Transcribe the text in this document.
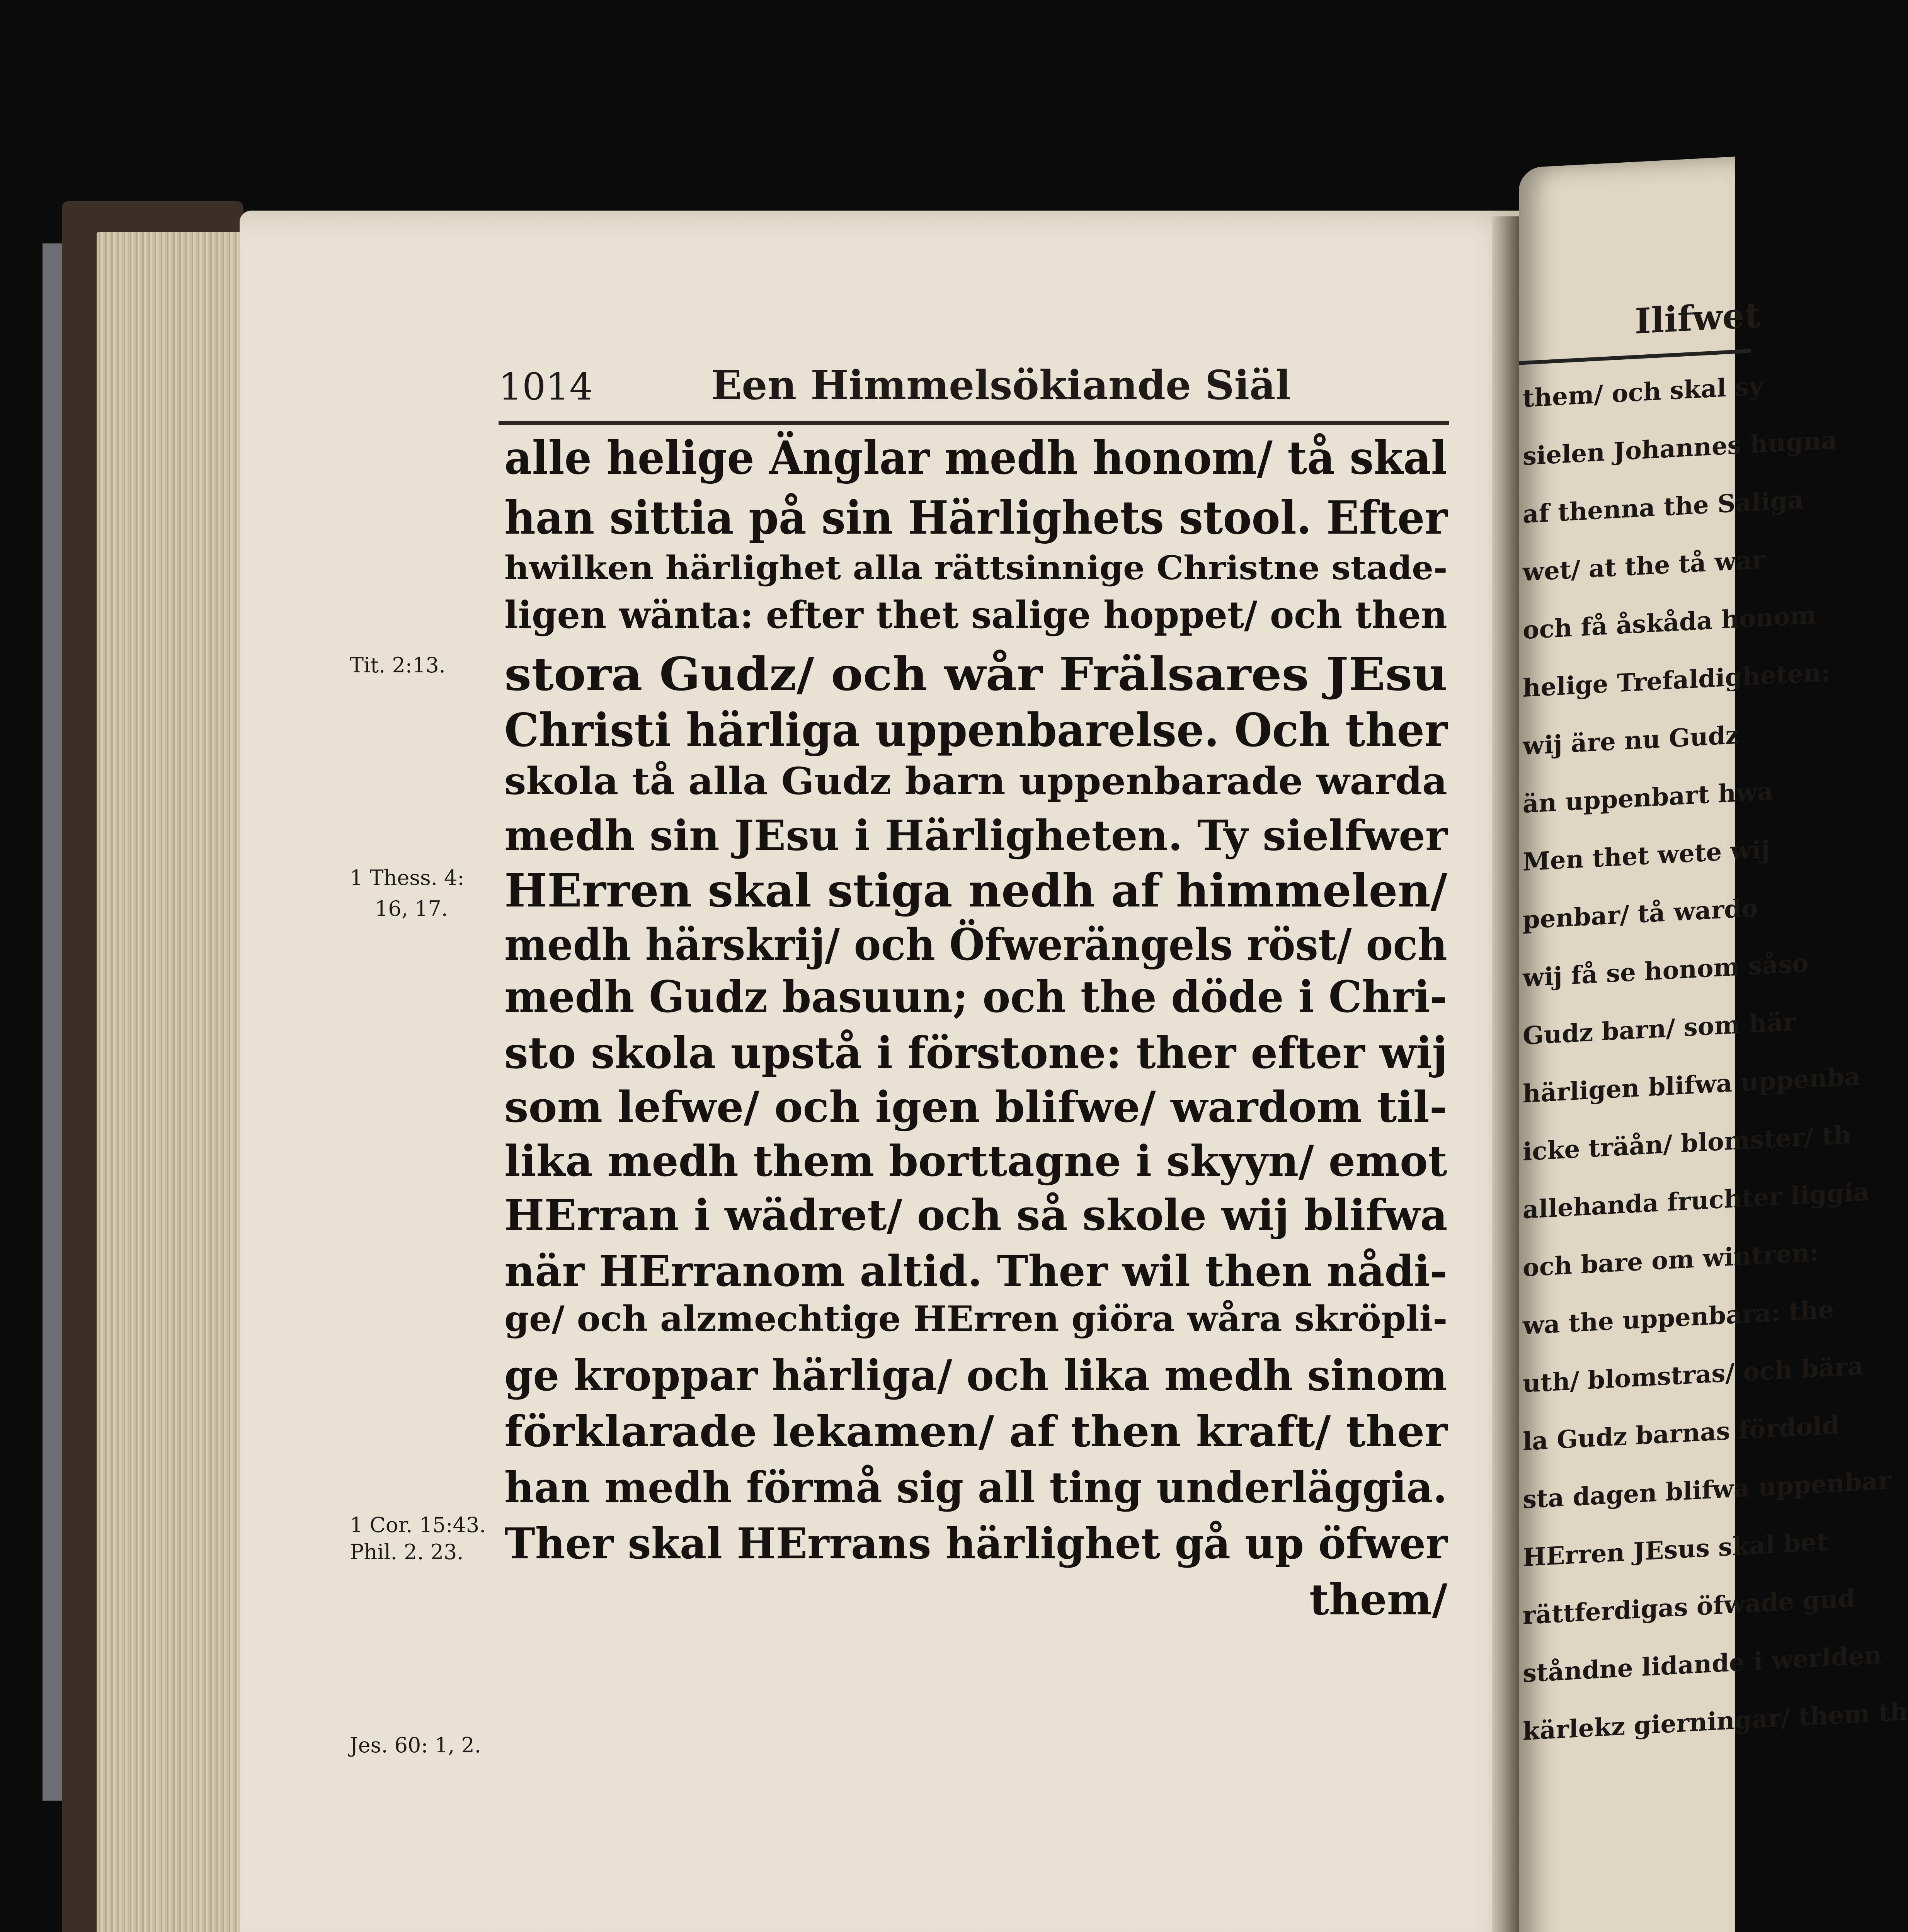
Ilifwet
them/ och skal sy
sielen Johannes hugna
af thenna the Saliga
wet/ at the tå war
och få åskåda honom
helige Trefaldigheten:
wij äre nu Gudz
än uppenbart hwa
Men thet wete wij
penbar/ tå wardo
wij få se honom såso
Gudz barn/ som här
härligen blifwa uppenba
icke träån/ blomster/ th
allehanda fruchter liggia
och bare om wintren:
wa the uppenbara: the
uth/ blomstras/ och bära
la Gudz barnas fördold
sta dagen blifwa uppenbar
HErren JEsus skal bet
rättferdigas öfwade gud
ståndne lidande i werlden
kärlekz gierningar/ them th
1014	Een Himmelsökiande Siäl
alle helige Änglar medh honom/ tå skal
han sittia på sin Härlighets stool. Efter
hwilken härlighet alla rättsinnige Christne stade-
ligen wänta: efter thet salige hoppet/ och then
stora Gudz/ och wår Frälsares JEsu
Christi härliga uppenbarelse. Och ther
skola tå alla Gudz barn uppenbarade warda
medh sin JEsu i Härligheten. Ty sielfwer
HErren skal stiga nedh af himmelen/
medh härskrij/ och Öfwerängels röst/ och
medh Gudz basuun; och the döde i Chri-
sto skola upstå i förstone: ther efter wij
som lefwe/ och igen blifwe/ wardom til-
lika medh them borttagne i skyyn/ emot
HErran i wädret/ och så skole wij blifwa
när HErranom altid. Ther wil then nådi-
ge/ och alzmechtige HErren giöra wåra skröpli-
ge kroppar härliga/ och lika medh sinom
förklarade lekamen/ af then kraft/ ther
han medh förmå sig all ting underläggia.
Ther skal HErrans härlighet gå up öfwer
them/
Tit. 2:13.
1 Thess. 4:
16, 17.
1 Cor. 15:43.
Phil. 2. 23.
Jes. 60: 1, 2.
